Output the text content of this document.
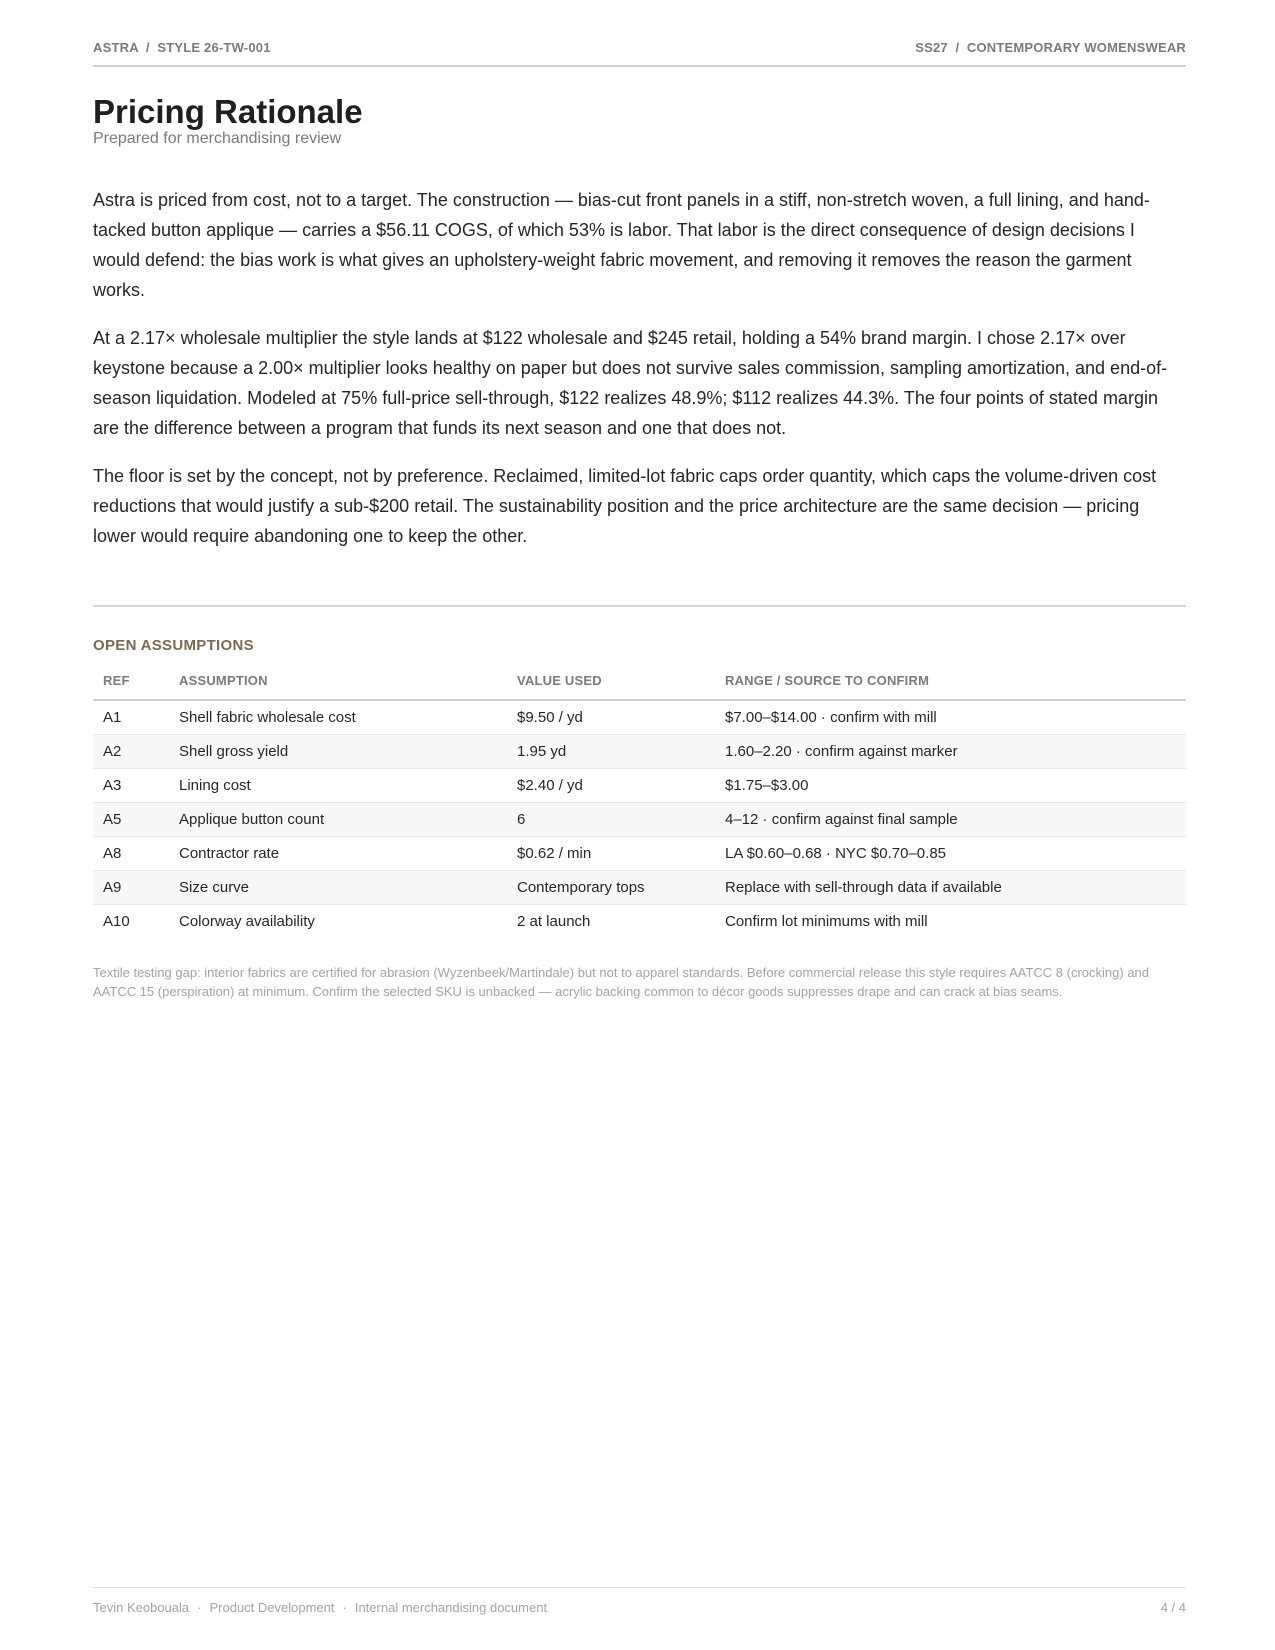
ASTRA  /  STYLE 26-TW-001	SS27  /  CONTEMPORARY WOMENSWEAR
Pricing Rationale
Prepared for merchandising review

Astra is priced from cost, not to a target. The construction — bias-cut front panels in a stiff, non-stretch woven, a full lining, and hand-tacked button applique — carries a $56.11 COGS, of which 53% is labor. That labor is the direct consequence of design decisions I would defend: the bias work is what gives an upholstery-weight fabric movement, and removing it removes the reason the garment works.

At a 2.17× wholesale multiplier the style lands at $122 wholesale and $245 retail, holding a 54% brand margin. I chose 2.17× over keystone because a 2.00× multiplier looks healthy on paper but does not survive sales commission, sampling amortization, and end-of-season liquidation. Modeled at 75% full-price sell-through, $122 realizes 48.9%; $112 realizes 44.3%. The four points of stated margin are the difference between a program that funds its next season and one that does not.

The floor is set by the concept, not by preference. Reclaimed, limited-lot fabric caps order quantity, which caps the volume-driven cost reductions that would justify a sub-$200 retail. The sustainability position and the price architecture are the same decision — pricing lower would require abandoning one to keep the other.

OPEN ASSUMPTIONS
REF	ASSUMPTION	VALUE USED	RANGE / SOURCE TO CONFIRM
A1	Shell fabric wholesale cost	$9.50 / yd	$7.00–$14.00 · confirm with mill
A2	Shell gross yield	1.95 yd	1.60–2.20 · confirm against marker
A3	Lining cost	$2.40 / yd	$1.75–$3.00
A5	Applique button count	6	4–12 · confirm against final sample
A8	Contractor rate	$0.62 / min	LA $0.60–0.68 · NYC $0.70–0.85
A9	Size curve	Contemporary tops	Replace with sell-through data if available
A10	Colorway availability	2 at launch	Confirm lot minimums with mill
Textile testing gap: interior fabrics are certified for abrasion (Wyzenbeek/Martindale) but not to apparel standards. Before commercial release this style requires AATCC 8 (crocking) and AATCC 15 (perspiration) at minimum. Confirm the selected SKU is unbacked — acrylic backing common to décor goods suppresses drape and can crack at bias seams.
Tevin Keobouala · Product Development · Internal merchandising document	4 / 4
